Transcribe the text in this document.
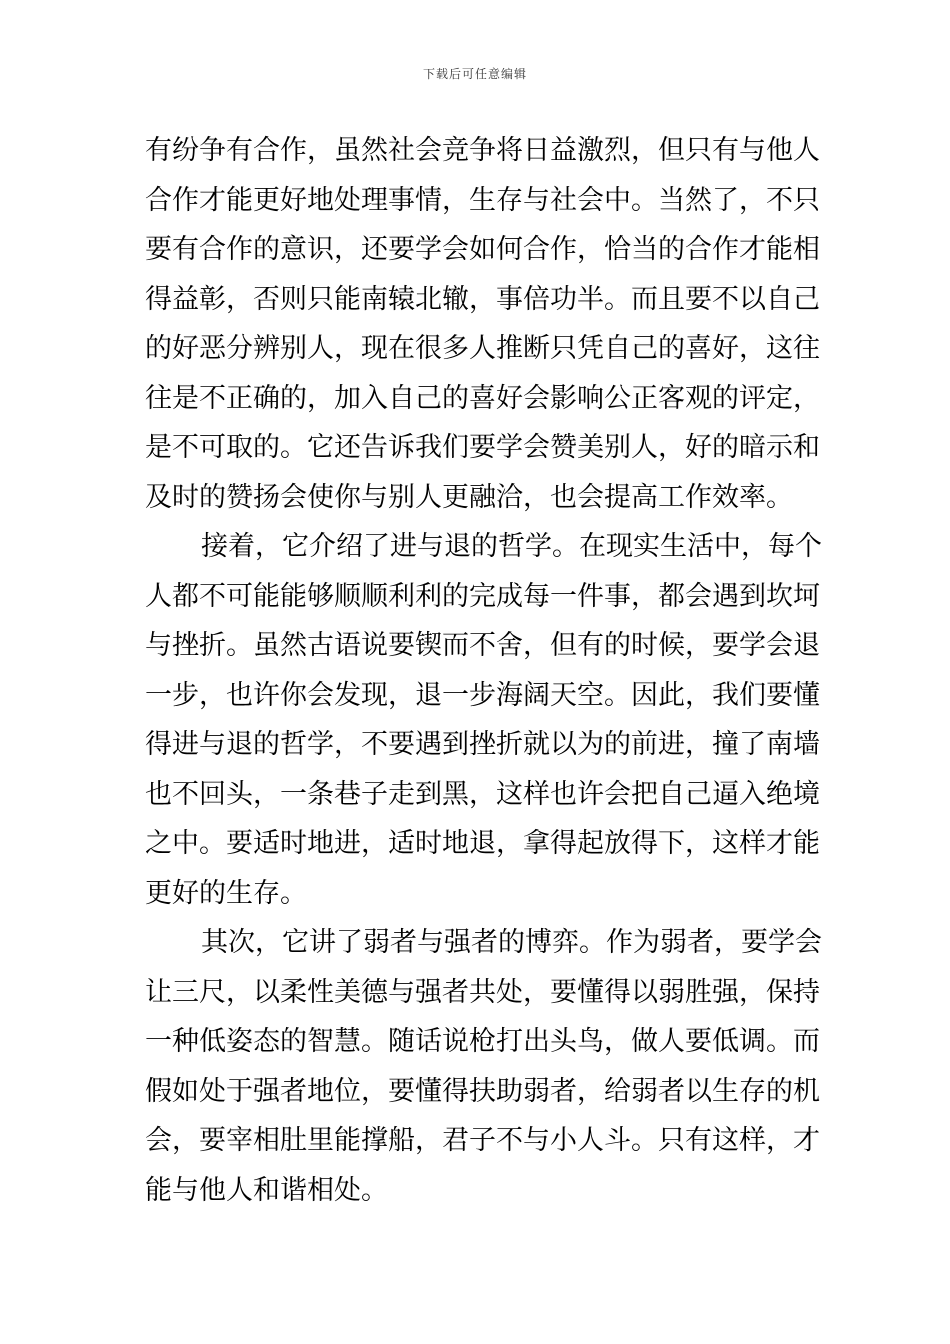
下载后可任意编辑
有纷争有合作，虽然社会竞争将日益激烈，但只有与他人
合作才能更好地处理事情，生存与社会中。当然了，不只
要有合作的意识，还要学会如何合作，恰当的合作才能相
得益彰，否则只能南辕北辙，事倍功半。而且要不以自己
的好恶分辨别人，现在很多人推断只凭自己的喜好，这往
往是不正确的，加入自己的喜好会影响公正客观的评定，
是不可取的。它还告诉我们要学会赞美别人，好的暗示和
及时的赞扬会使你与别人更融洽，也会提高工作效率。
接着，它介绍了进与退的哲学。在现实生活中，每个
人都不可能能够顺顺利利的完成每一件事，都会遇到坎坷
与挫折。虽然古语说要锲而不舍，但有的时候，要学会退
一步，也许你会发现，退一步海阔天空。因此，我们要懂
得进与退的哲学，不要遇到挫折就以为的前进，撞了南墙
也不回头，一条巷子走到黑，这样也许会把自己逼入绝境
之中。要适时地进，适时地退，拿得起放得下，这样才能
更好的生存。
其次，它讲了弱者与强者的博弈。作为弱者，要学会
让三尺，以柔性美德与强者共处，要懂得以弱胜强，保持
一种低姿态的智慧。随话说枪打出头鸟，做人要低调。而
假如处于强者地位，要懂得扶助弱者，给弱者以生存的机
会，要宰相肚里能撑船，君子不与小人斗。只有这样，才
能与他人和谐相处。
